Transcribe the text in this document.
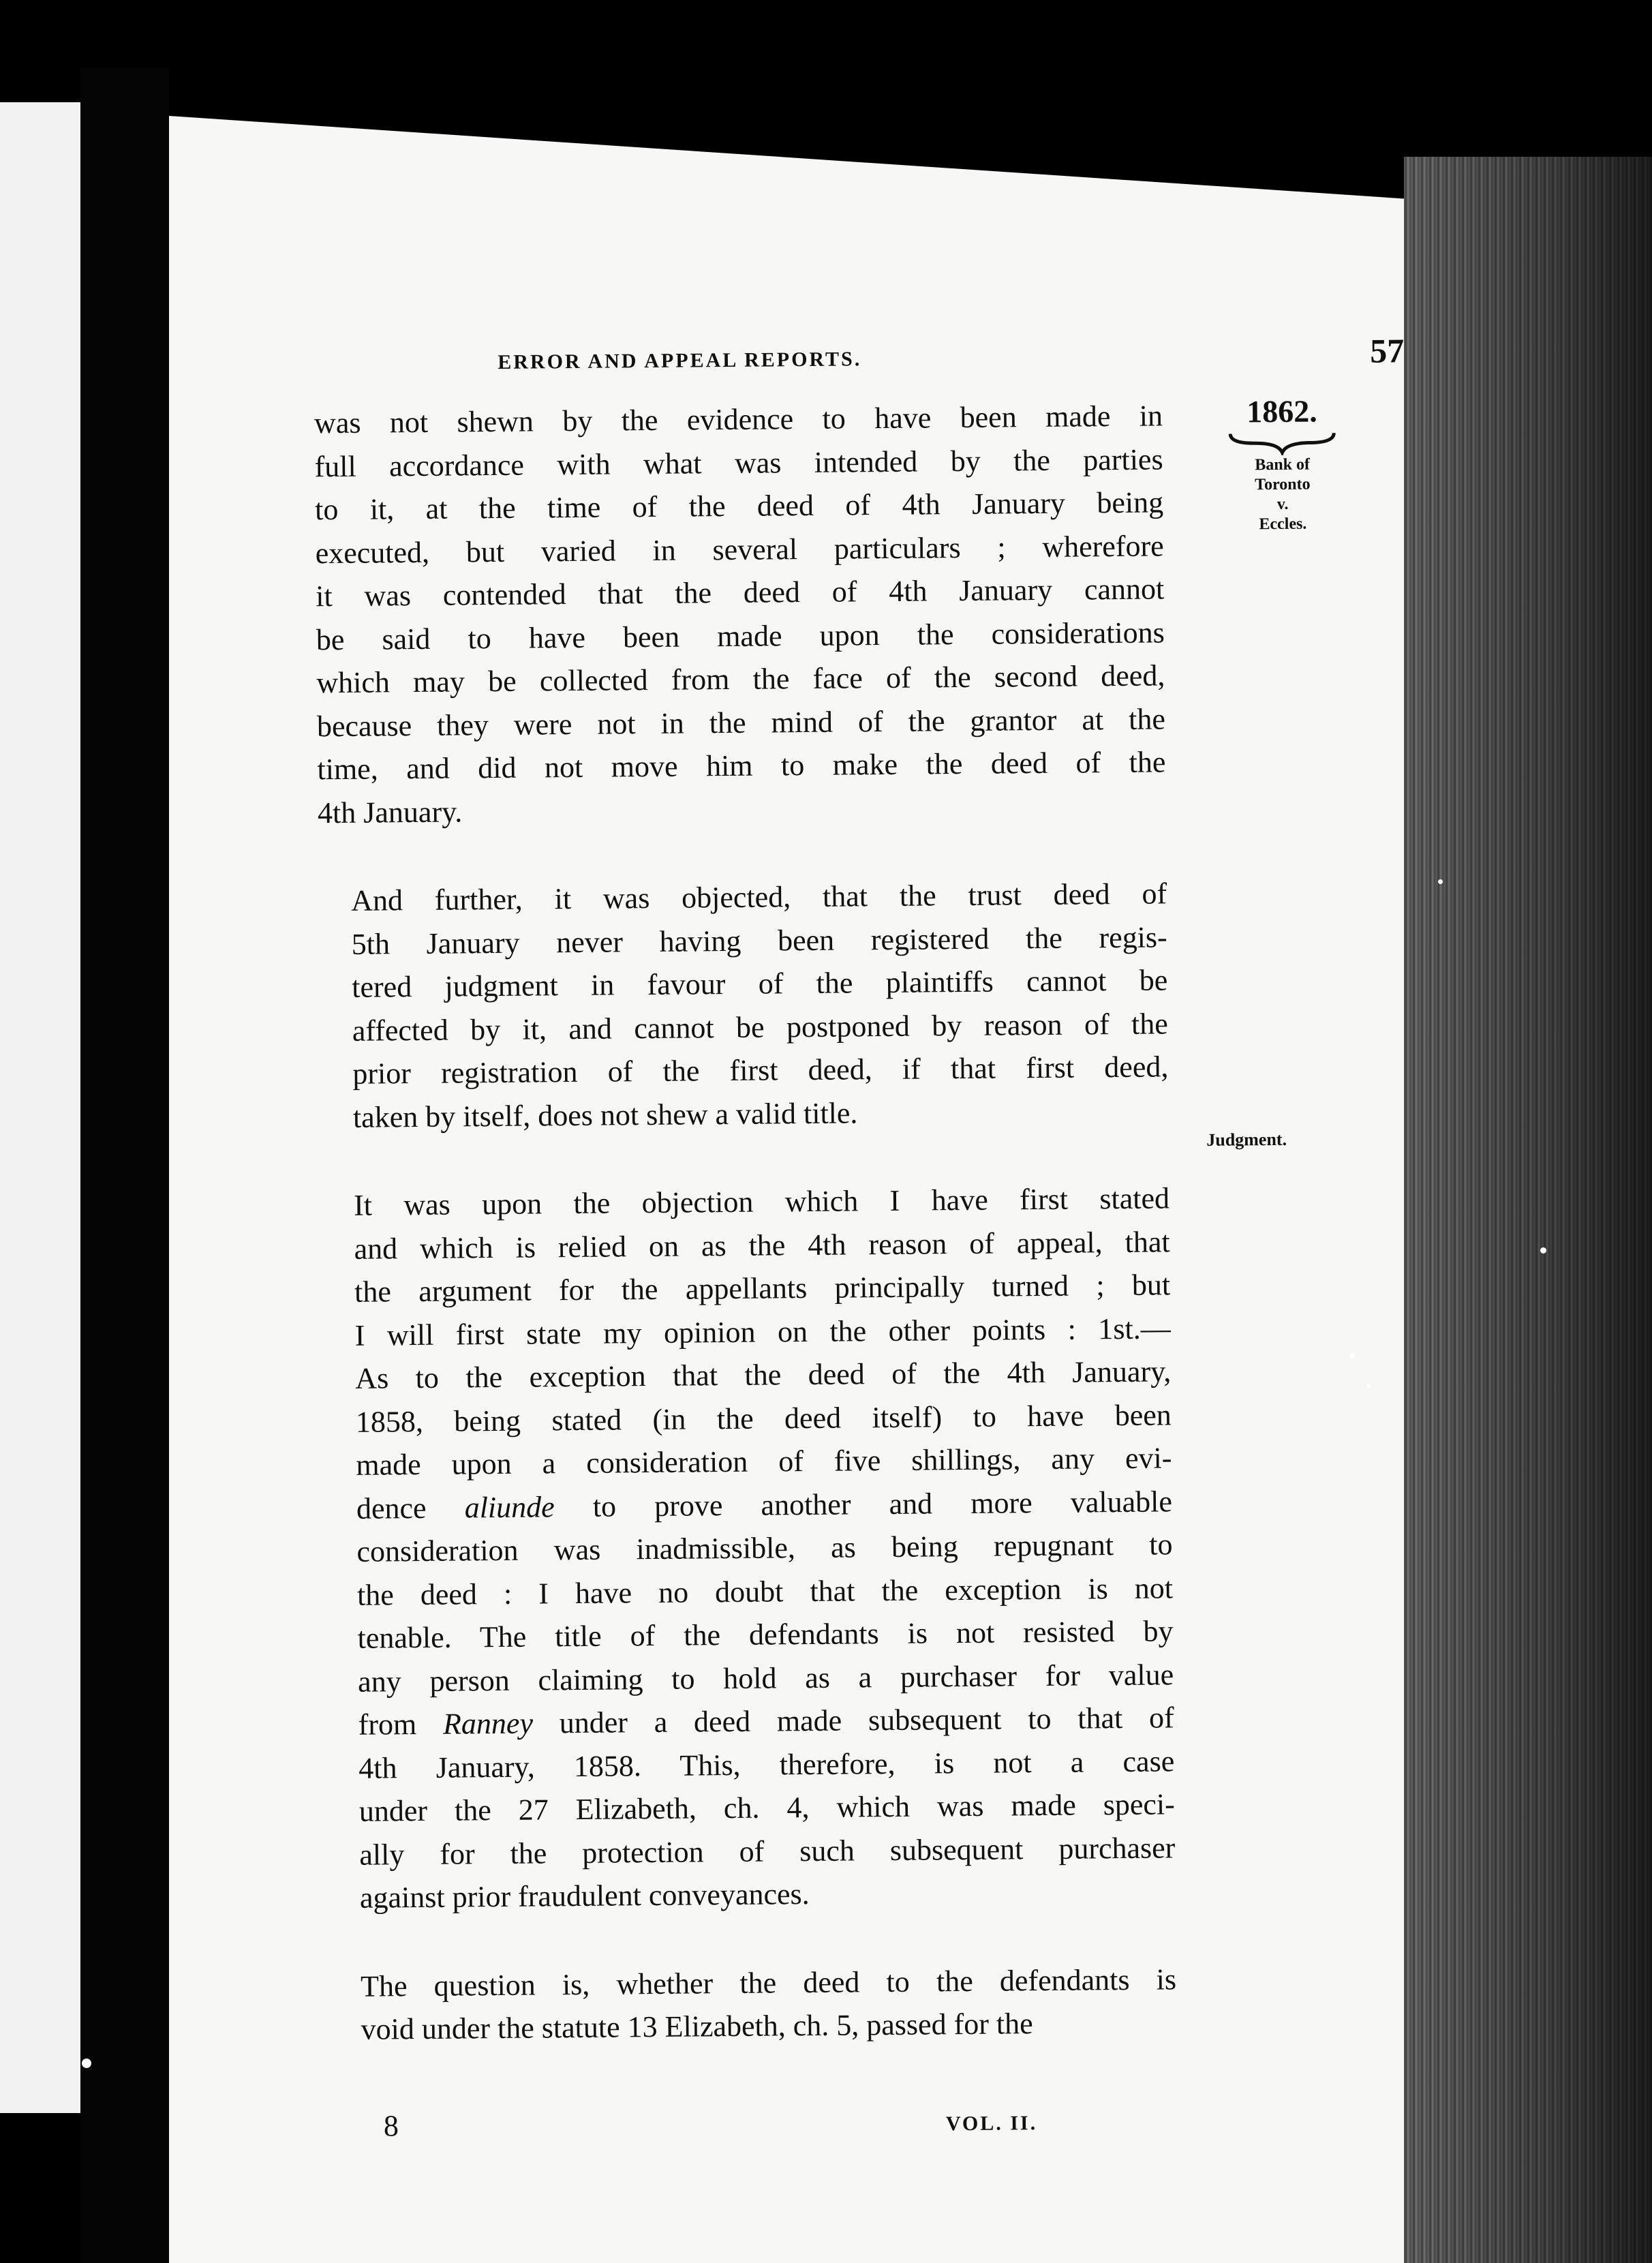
ERROR AND APPEAL REPORTS.	57
1862.
Bank of
Toronto
v.
Eccles.
Judgment.

was not shewn by the evidence to have been made in
full accordance with what was intended by the parties
to it, at the time of the deed of 4th January being
executed, but varied in several particulars ; wherefore
it was contended that the deed of 4th January cannot
be said to have been made upon the considerations
which may be collected from the face of the second deed,
because they were not in the mind of the grantor at the
time, and did not move him to make the deed of the
4th January.

And further, it was objected, that the trust deed of
5th January never having been registered the regis-
tered judgment in favour of the plaintiffs cannot be
affected by it, and cannot be postponed by reason of the
prior registration of the first deed, if that first deed,
taken by itself, does not shew a valid title.

It was upon the objection which I have first stated
and which is relied on as the 4th reason of appeal, that
the argument for the appellants principally turned ; but
I will first state my opinion on the other points : 1st.—
As to the exception that the deed of the 4th January,
1858, being stated (in the deed itself) to have been
made upon a consideration of five shillings, any evi-
dence aliunde to prove another and more valuable
consideration was inadmissible, as being repugnant to
the deed : I have no doubt that the exception is not
tenable. The title of the defendants is not resisted by
any person claiming to hold as a purchaser for value
from Ranney under a deed made subsequent to that of
4th January, 1858. This, therefore, is not a case
under the 27 Elizabeth, ch. 4, which was made speci-
ally for the protection of such subsequent purchaser
against prior fraudulent conveyances.

The question is, whether the deed to the defendants is
void under the statute 13 Elizabeth, ch. 5, passed for the

8	VOL. II.
